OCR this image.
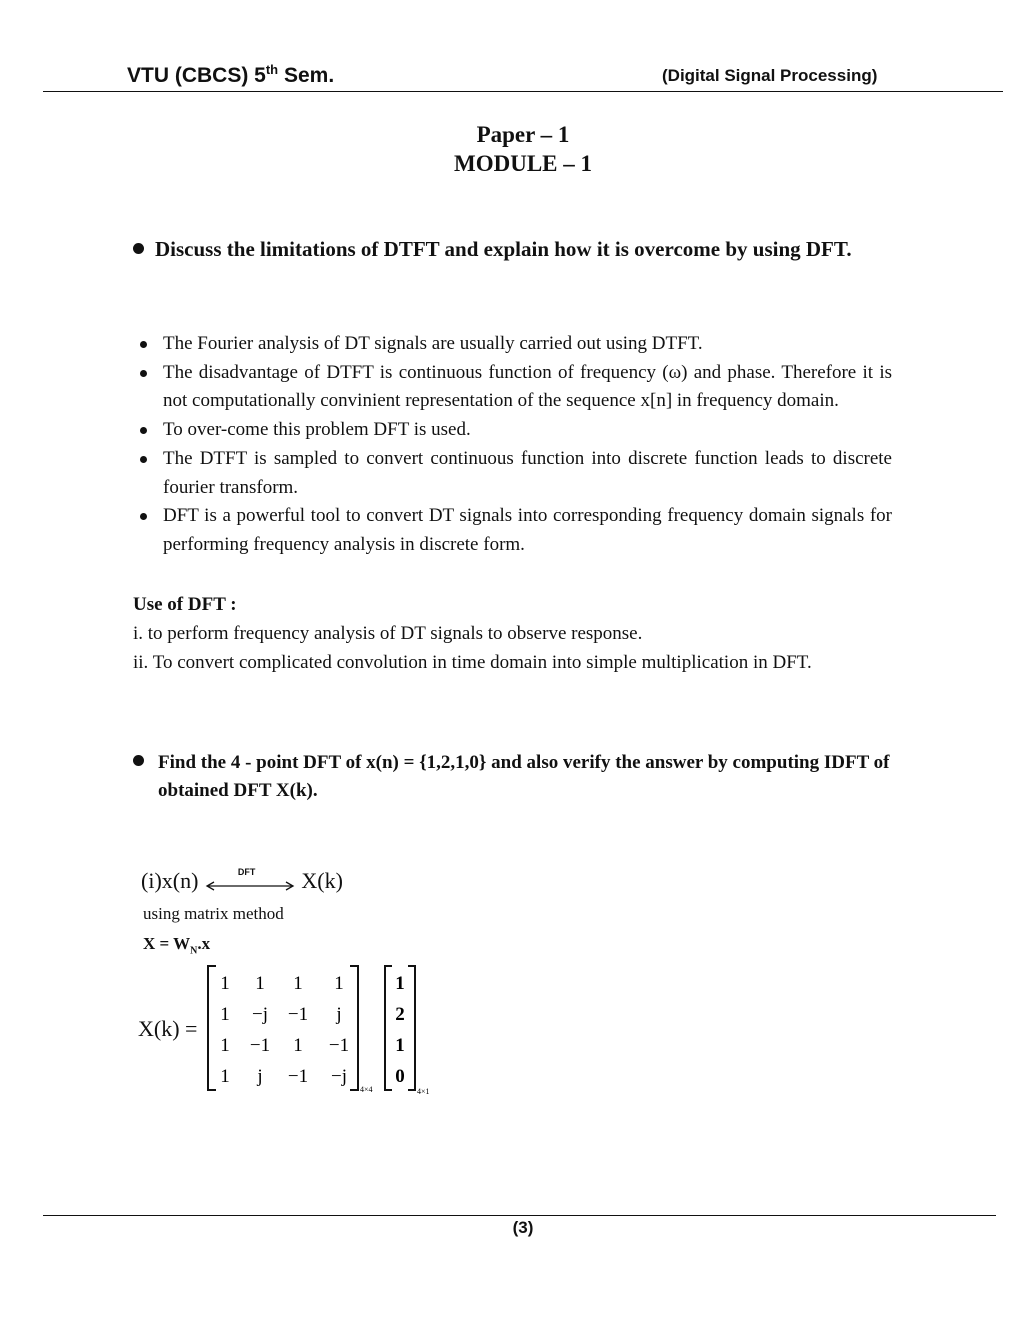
VTU (CBCS) 5th Sem.	(Digital Signal Processing)
Paper – 1
MODULE – 1
Discuss the limitations of DTFT and explain how it is overcome by using DFT.
The Fourier analysis of DT signals are usually carried out using DTFT.
The disadvantage of DTFT is continuous function of frequency (ω) and phase. Therefore it is not computationally convinient representation of the sequence x[n] in frequency domain.
To over-come this problem DFT is used.
The DTFT is sampled to convert continuous function into discrete function leads to discrete fourier transform.
DFT is a powerful tool to convert DT signals into corresponding frequency domain signals for performing frequency analysis in discrete form.
Use of DFT :
i. to perform frequency analysis of DT signals to observe response.
ii. To convert complicated convolution in time domain into simple multiplication in DFT.
Find the 4 - point DFT of x(n) = {1,2,1,0} and also verify the answer by computing IDFT of obtained DFT X(k).
(i)x(n)	DFT X(k)
using matrix method
$X = W_N.x$
X(k) =
1 1 1 1
1 −j −1 j
1 −1 1 −1
1 j −1 −j
4×4
1
2
1
0
4×1
(3)
